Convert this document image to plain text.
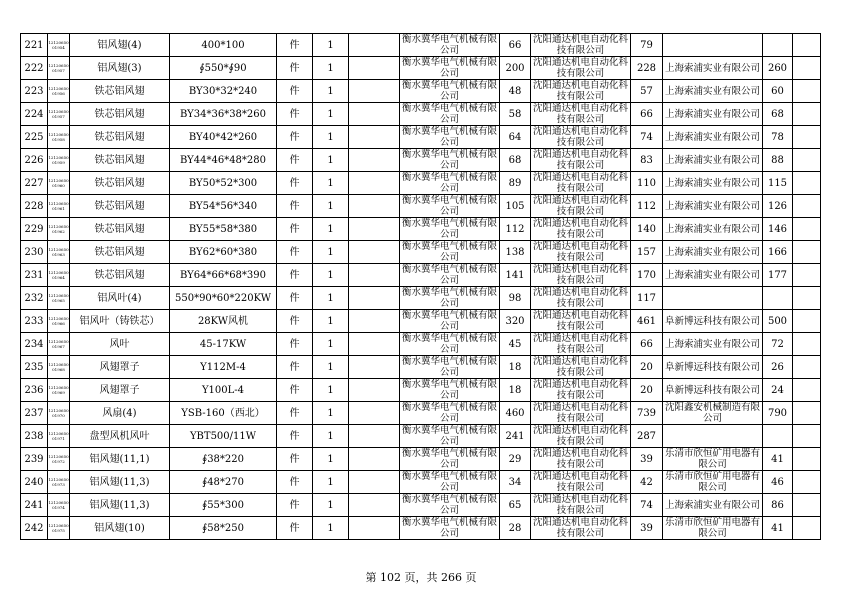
221	12120650 01954	铝风翅(4)	400*100	件	1		衡水冀华电气机械有限公司	66	沈阳通达机电自动化科技有限公司	79			
222	12120650 01957	铝风翅(3)	∮550*∮90	件	1		衡水冀华电气机械有限公司	200	沈阳通达机电自动化科技有限公司	228	上海索浦实业有限公司	260	
223	12120650 01956	铁芯铝风翅	BY30*32*240	件	1		衡水冀华电气机械有限公司	48	沈阳通达机电自动化科技有限公司	57	上海索浦实业有限公司	60	
224	12120650 01957	铁芯铝风翅	BY34*36*38*260	件	1		衡水冀华电气机械有限公司	58	沈阳通达机电自动化科技有限公司	66	上海索浦实业有限公司	68	
225	12120650 01958	铁芯铝风翅	BY40*42*260	件	1		衡水冀华电气机械有限公司	64	沈阳通达机电自动化科技有限公司	74	上海索浦实业有限公司	78	
226	12120650 01959	铁芯铝风翅	BY44*46*48*280	件	1		衡水冀华电气机械有限公司	68	沈阳通达机电自动化科技有限公司	83	上海索浦实业有限公司	88	
227	12120650 01960	铁芯铝风翅	BY50*52*300	件	1		衡水冀华电气机械有限公司	89	沈阳通达机电自动化科技有限公司	110	上海索浦实业有限公司	115	
228	12120650 01961	铁芯铝风翅	BY54*56*340	件	1		衡水冀华电气机械有限公司	105	沈阳通达机电自动化科技有限公司	112	上海索浦实业有限公司	126	
229	12120650 01962	铁芯铝风翅	BY55*58*380	件	1		衡水冀华电气机械有限公司	112	沈阳通达机电自动化科技有限公司	140	上海索浦实业有限公司	146	
230	12120650 01963	铁芯铝风翅	BY62*60*380	件	1		衡水冀华电气机械有限公司	138	沈阳通达机电自动化科技有限公司	157	上海索浦实业有限公司	166	
231	12120650 01964	铁芯铝风翅	BY64*66*68*390	件	1		衡水冀华电气机械有限公司	141	沈阳通达机电自动化科技有限公司	170	上海索浦实业有限公司	177	
232	12120650 01965	铝风叶(4)	550*90*60*220KW	件	1		衡水冀华电气机械有限公司	98	沈阳通达机电自动化科技有限公司	117			
233	12120650 01966	铝风叶（铸铁芯）	28KW风机	件	1		衡水冀华电气机械有限公司	320	沈阳通达机电自动化科技有限公司	461	阜新博远科技有限公司	500	
234	12120650 01967	风叶	45-17KW	件	1		衡水冀华电气机械有限公司	45	沈阳通达机电自动化科技有限公司	66	上海索浦实业有限公司	72	
235	12120650 01968	风翅罩子	Y112M-4	件	1		衡水冀华电气机械有限公司	18	沈阳通达机电自动化科技有限公司	20	阜新博远科技有限公司	26	
236	12120650 01969	风翅罩子	Y100L-4	件	1		衡水冀华电气机械有限公司	18	沈阳通达机电自动化科技有限公司	20	阜新博远科技有限公司	24	
237	12120650 01970	风扇(4)	YSB-160（西北）	件	1		衡水冀华电气机械有限公司	460	沈阳通达机电自动化科技有限公司	739	沈阳鑫安机械制造有限公司	790	
238	12120650 01971	盘型风机风叶	YBT500/11W	件	1		衡水冀华电气机械有限公司	241	沈阳通达机电自动化科技有限公司	287			
239	12120650 01972	铝风翅(11,1)	∮38*220	件	1		衡水冀华电气机械有限公司	29	沈阳通达机电自动化科技有限公司	39	乐清市欣恒矿用电器有限公司	41	
240	12120650 01973	铝风翅(11,3)	∮48*270	件	1		衡水冀华电气机械有限公司	34	沈阳通达机电自动化科技有限公司	42	乐清市欣恒矿用电器有限公司	46	
241	12120650 01974	铝风翅(11,3)	∮55*300	件	1		衡水冀华电气机械有限公司	65	沈阳通达机电自动化科技有限公司	74	上海索浦实业有限公司	86	
242	12120650 01975	铝风翅(10)	∮58*250	件	1		衡水冀华电气机械有限公司	28	沈阳通达机电自动化科技有限公司	39	乐清市欣恒矿用电器有限公司	41	
第 102 页，共 266 页
